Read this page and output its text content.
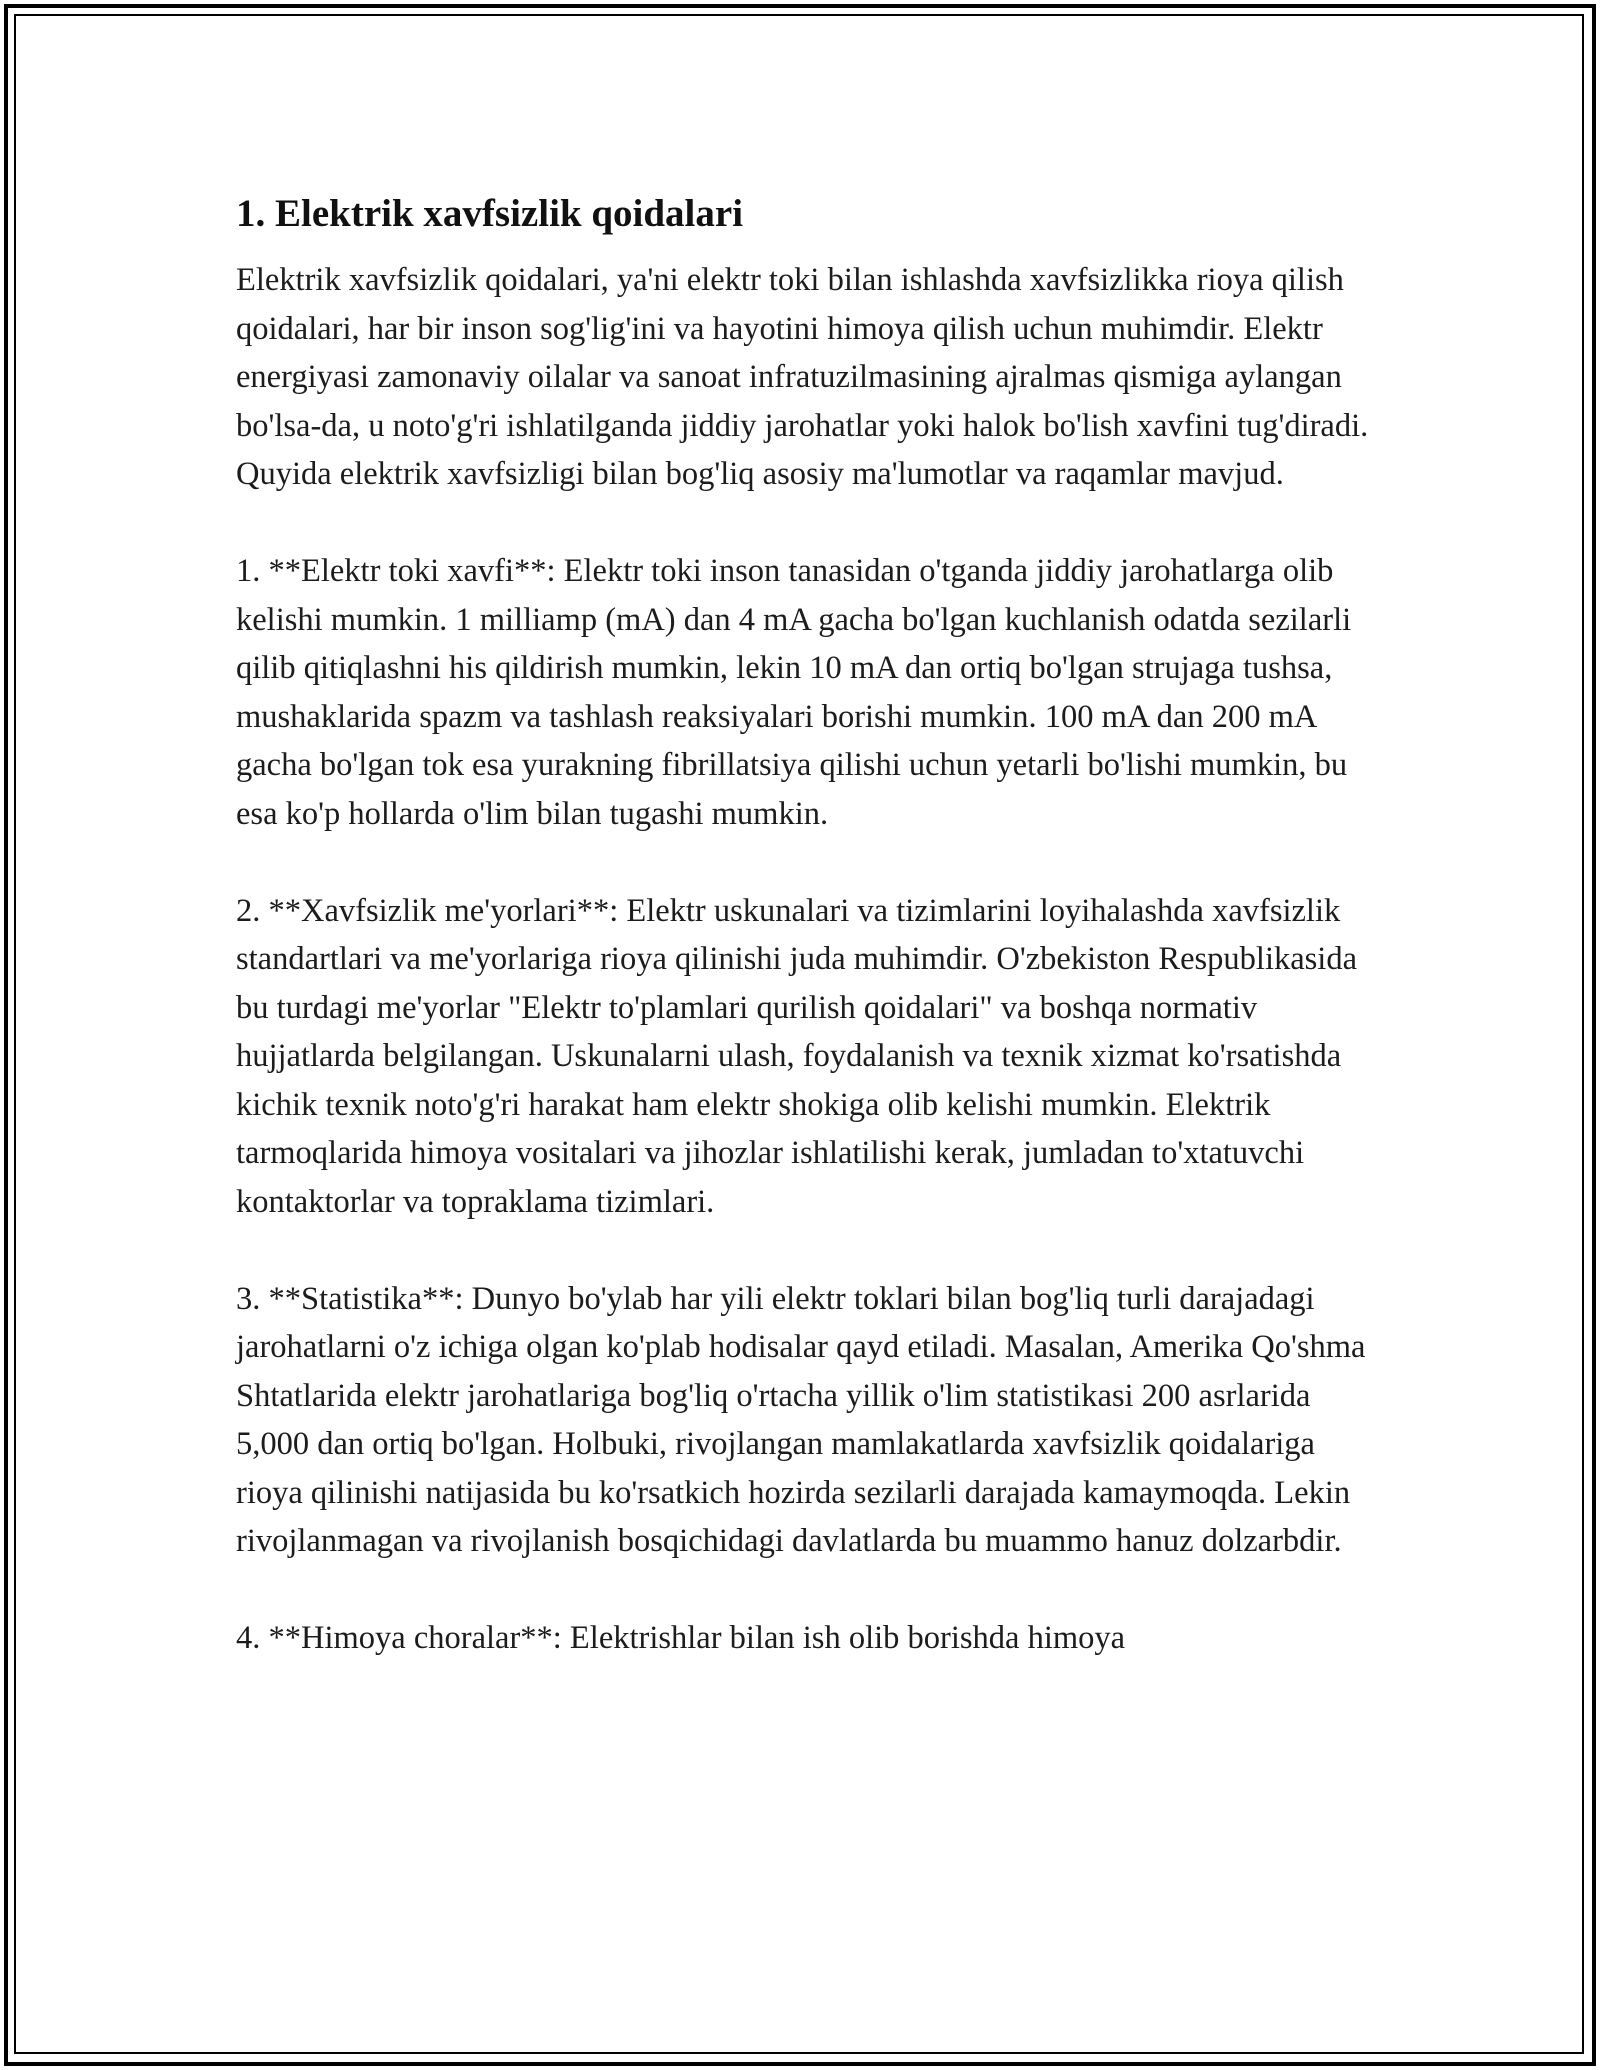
1. Elektrik xavfsizlik qoidalari

Elektrik xavfsizlik qoidalari, ya'ni elektr toki bilan ishlashda xavfsizlikka rioya qilish qoidalari, har bir inson sog'lig'ini va hayotini himoya qilish uchun muhimdir. Elektr energiyasi zamonaviy oilalar va sanoat infratuzilmasining ajralmas qismiga aylangan bo'lsa-da, u noto'g'ri ishlatilganda jiddiy jarohatlar yoki halok bo'lish xavfini tug'diradi. Quyida elektrik xavfsizligi bilan bog'liq asosiy ma'lumotlar va raqamlar mavjud.

1. **Elektr toki xavfi**: Elektr toki inson tanasidan o'tganda jiddiy jarohatlarga olib kelishi mumkin. 1 milliamp (mA) dan 4 mA gacha bo'lgan kuchlanish odatda sezilarli qilib qitiqlashni his qildirish mumkin, lekin 10 mA dan ortiq bo'lgan strujaga tushsa, mushaklarida spazm va tashlash reaksiyalari borishi mumkin. 100 mA dan 200 mA gacha bo'lgan tok esa yurakning fibrillatsiya qilishi uchun yetarli bo'lishi mumkin, bu esa ko'p hollarda o'lim bilan tugashi mumkin.

2. **Xavfsizlik me'yorlari**: Elektr uskunalari va tizimlarini loyihalashda xavfsizlik standartlari va me'yorlariga rioya qilinishi juda muhimdir. O'zbekiston Respublikasida bu turdagi me'yorlar "Elektr to'plamlari qurilish qoidalari" va boshqa normativ hujjatlarda belgilangan. Uskunalarni ulash, foydalanish va texnik xizmat ko'rsatishda kichik texnik noto'g'ri harakat ham elektr shokiga olib kelishi mumkin. Elektrik tarmoqlarida himoya vositalari va jihozlar ishlatilishi kerak, jumladan to'xtatuvchi kontaktorlar va topraklama tizimlari.

3. **Statistika**: Dunyo bo'ylab har yili elektr toklari bilan bog'liq turli darajadagi jarohatlarni o'z ichiga olgan ko'plab hodisalar qayd etiladi. Masalan, Amerika Qo'shma Shtatlarida elektr jarohatlariga bog'liq o'rtacha yillik o'lim statistikasi 200 asrlarida 5,000 dan ortiq bo'lgan. Holbuki, rivojlangan mamlakatlarda xavfsizlik qoidalariga rioya qilinishi natijasida bu ko'rsatkich hozirda sezilarli darajada kamaymoqda. Lekin rivojlanmagan va rivojlanish bosqichidagi davlatlarda bu muammo hanuz dolzarbdir.

4. **Himoya choralar**: Elektrishlar bilan ish olib borishda himoya
